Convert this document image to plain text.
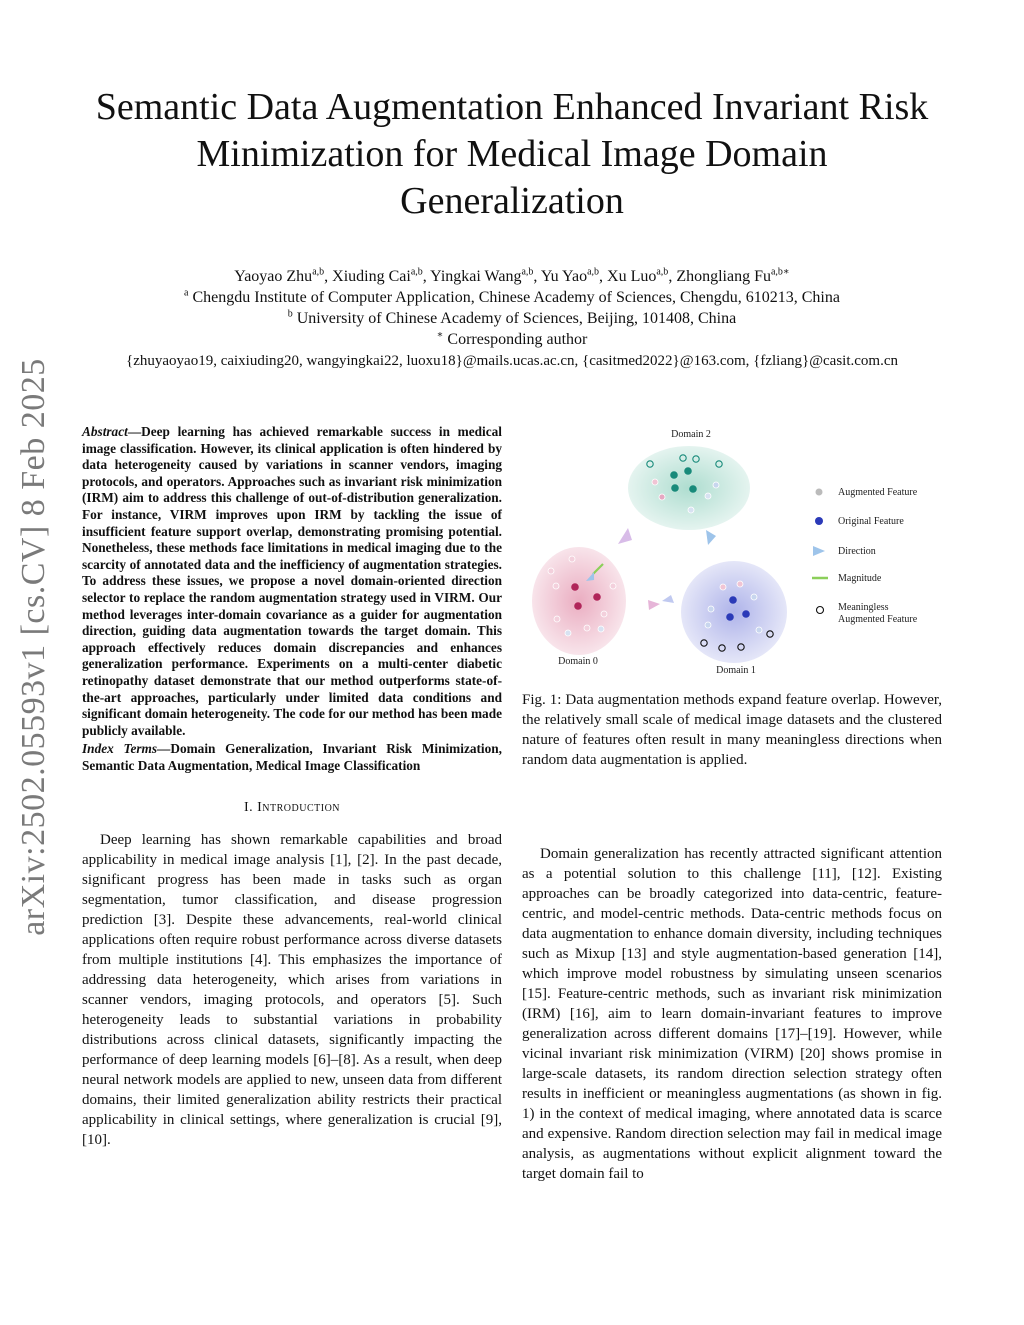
arXiv:2502.05593v1 [cs.CV] 8 Feb 2025
Semantic Data Augmentation Enhanced Invariant Risk Minimization for Medical Image Domain Generalization
Yaoyao Zhu$^{a,b}$, Xiuding Cai$^{a,b}$, Yingkai Wang$^{a,b}$, Yu Yao$^{a,b}$, Xu Luo$^{a,b}$, Zhongliang $Fu^{a,b∗}$
$^a$ Chengdu Institute of Computer Application, Chinese Academy of Sciences, Chengdu, 610213, China
$^b$ University of Chinese Academy of Sciences, Beijing, 101408, China
∗ Corresponding author
{zhuyaoyao19, caixiuding20, wangyingkai22, luoxu18}@mails.ucas.ac.cn, {casitmed2022}@163.com, {fzliang}@casit.com.cn

Abstract—Deep learning has achieved remarkable success in medical image classification. However, its clinical application is often hindered by data heterogeneity caused by variations in scanner vendors, imaging protocols, and operators. Approaches such as invariant risk minimization (IRM) aim to address this challenge of out-of-distribution generalization. For instance, VIRM improves upon IRM by tackling the issue of insufficient feature support overlap, demonstrating promising potential. Nonetheless, these methods face limitations in medical imaging due to the scarcity of annotated data and the inefficiency of augmentation strategies. To address these issues, we propose a novel domain-oriented direction selector to replace the random augmentation strategy used in VIRM. Our method leverages inter-domain covariance as a guider for augmentation direction, guiding data augmentation towards the target domain. This approach effectively reduces domain discrepancies and enhances generalization performance. Experiments on a multi-center diabetic retinopathy dataset demonstrate that our method outperforms state-of-the-art approaches, particularly under limited data conditions and significant domain heterogeneity. The code for our method has been made publicly available.

Index Terms—Domain Generalization, Invariant Risk Minimization, Semantic Data Augmentation, Medical Image Classification

I. Introduction

Deep learning has shown remarkable capabilities and broad applicability in medical image analysis [1], [2]. In the past decade, significant progress has been made in tasks such as organ segmentation, tumor classification, and disease progression prediction [3]. Despite these advancements, real-world clinical applications often require robust performance across diverse datasets from multiple institutions [4]. This emphasizes the importance of addressing data heterogeneity, which arises from variations in scanner vendors, imaging protocols, and operators [5]. Such heterogeneity leads to substantial variations in probability distributions across clinical datasets, significantly impacting the performance of deep learning models [6]–[8]. As a result, when deep neural network models are applied to new, unseen data from different domains, their limited generalization ability restricts their practical applicability in clinical settings, where generalization is crucial [9], [10].

Domain 2
Domain 0
Domain 1
Augmented Feature
Original Feature
Direction
Magnitude
Meaningless
Augmented Feature
Fig. 1: Data augmentation methods expand feature overlap. However, the relatively small scale of medical image datasets and the clustered nature of features often result in many meaningless directions when random data augmentation is applied.

Domain generalization has recently attracted significant attention as a potential solution to this challenge [11], [12]. Existing approaches can be broadly categorized into data-centric, feature-centric, and model-centric methods. Data-centric methods focus on data augmentation to enhance domain diversity, including techniques such as Mixup [13] and style augmentation-based generation [14], which improve model robustness by simulating unseen scenarios [15]. Feature-centric methods, such as invariant risk minimization (IRM) [16], aim to learn domain-invariant features to improve generalization across different domains [17]–[19]. However, while vicinal invariant risk minimization (VIRM) [20] shows promise in large-scale datasets, its random direction selection strategy often results in inefficient or meaningless augmentations (as shown in fig. 1) in the context of medical imaging, where annotated data is scarce and expensive. Random direction selection may fail in medical image analysis, as augmentations without explicit alignment toward the target domain fail to
